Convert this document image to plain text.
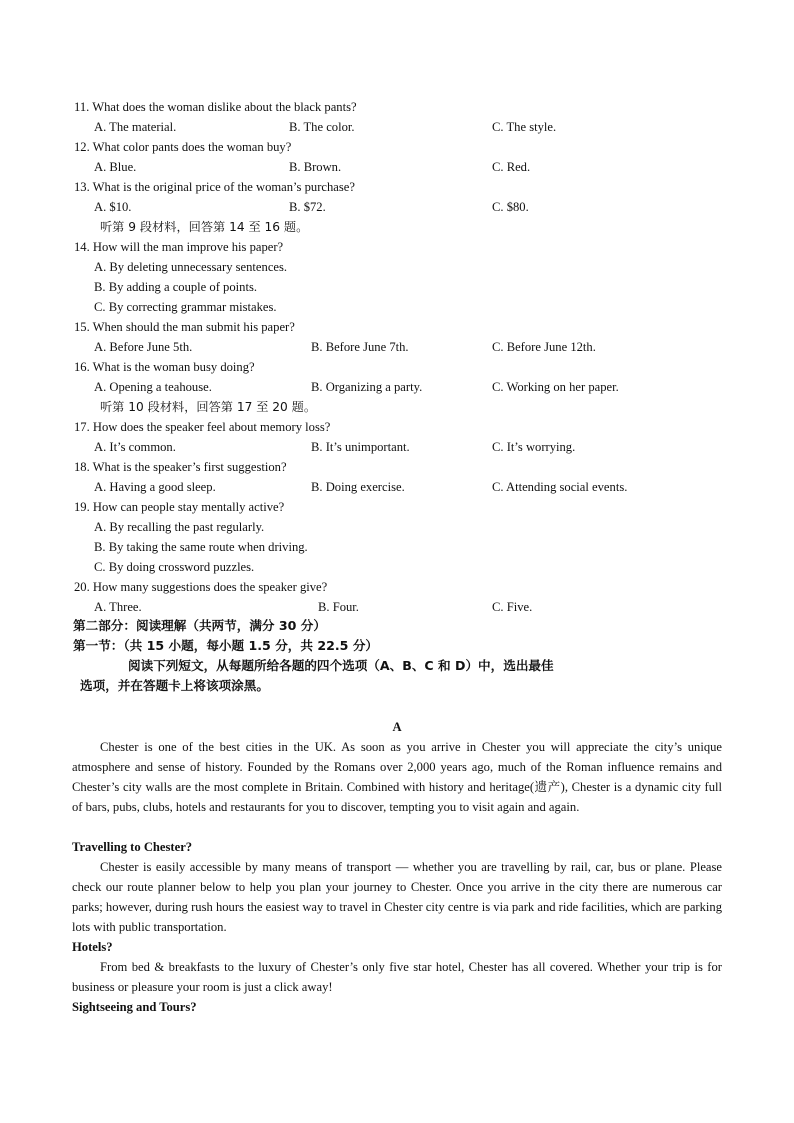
11. What does the woman dislike about the black pants?
A. The material.	B. The color.	C. The style.
12. What color pants does the woman buy?
A. Blue.	B. Brown.	C. Red.
13. What is the original price of the woman’s purchase?
A. $10.	B. $72.	C. $80.
听第 9 段材料，回答第 14 至 16 题。
14. How will the man improve his paper?
A. By deleting unnecessary sentences.
B. By adding a couple of points.
C. By correcting grammar mistakes.
15. When should the man submit his paper?
A. Before June 5th.	B. Before June 7th.	C. Before June 12th.
16. What is the woman busy doing?
A. Opening a teahouse.	B. Organizing a party.	C. Working on her paper.
听第 10 段材料，回答第 17 至 20 题。
17. How does the speaker feel about memory loss?
A. It’s common.	B. It’s unimportant.	C. It’s worrying.
18. What is the speaker’s first suggestion?
A. Having a good sleep.	B. Doing exercise.	C. Attending social events.
19. How can people stay mentally active?
A. By recalling the past regularly.
B. By taking the same route when driving.
C. By doing crossword puzzles.
20. How many suggestions does the speaker give?
A. Three.	B. Four.	C. Five.
第二部分：阅读理解（共两节，满分 30 分）
第一节：（共 15 小题，每小题 1.5 分，共 22.5 分）
阅读下列短文，从每题所给各题的四个选项（A、B、C 和 D）中，选出最佳
选项，并在答题卡上将该项涂黑。
A
Chester is one of the best cities in the UK. As soon as you arrive in Chester you will appreciate the city’s unique atmosphere and sense of history. Founded by the Romans over 2,000 years ago, much of the Roman influence remains and Chester’s city walls are the most complete in Britain. Combined with history and heritage(遗产), Chester is a dynamic city full of bars, pubs, clubs, hotels and restaurants for you to discover, tempting you to visit again and again.
Travelling to Chester?
Chester is easily accessible by many means of transport — whether you are travelling by rail, car, bus or plane. Please check our route planner below to help you plan your journey to Chester. Once you arrive in the city there are numerous car parks; however, during rush hours the easiest way to travel in Chester city centre is via park and ride facilities, which are parking lots with public transportation.
Hotels?
From bed & breakfasts to the luxury of Chester’s only five star hotel, Chester has all covered. Whether your trip is for business or pleasure your room is just a click away!
Sightseeing and Tours?
